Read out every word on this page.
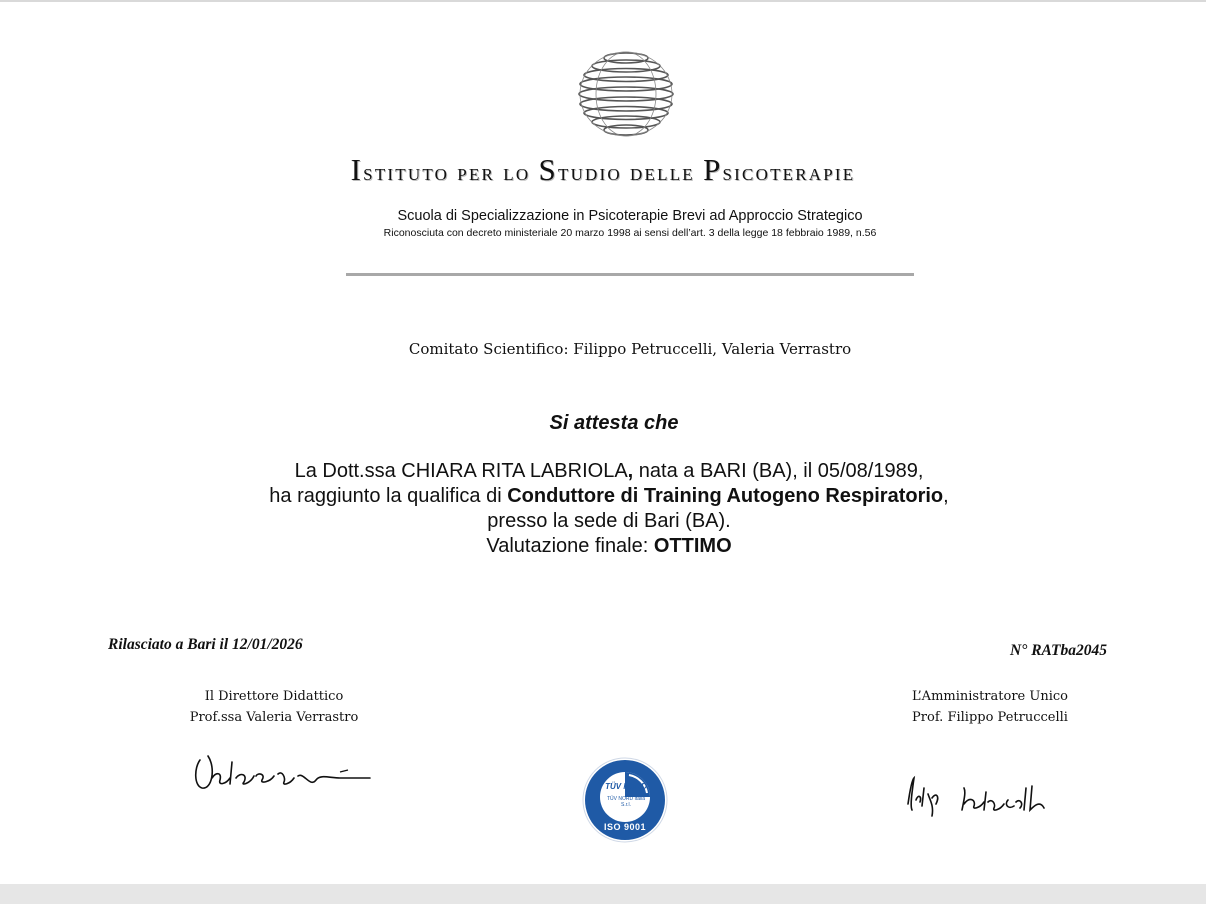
Istituto per lo Studio delle Psicoterapie
Scuola di Specializzazione in Psicoterapie Brevi ad Approccio Strategico
Riconosciuta con decreto ministeriale 20 marzo 1998 ai sensi dell’art. 3 della legge 18 febbraio 1989, n.56
Comitato Scientifico: Filippo Petruccelli, Valeria Verrastro
Si attesta che
La Dott.ssa CHIARA RITA LABRIOLA, nata a BARI (BA), il 05/08/1989,
ha raggiunto la qualifica di Conduttore di Training Autogeno Respiratorio,
presso la sede di Bari (BA).
Valutazione finale: OTTIMO
Rilasciato a Bari il 12/01/2026	N° RATba2045
Il Direttore Didattico
Prof.ssa Valeria Verrastro
L’Amministratore Unico
Prof. Filippo Petruccelli
TÜV NORD
TÜV NORD Italia
S.r.l.
ISO 9001
